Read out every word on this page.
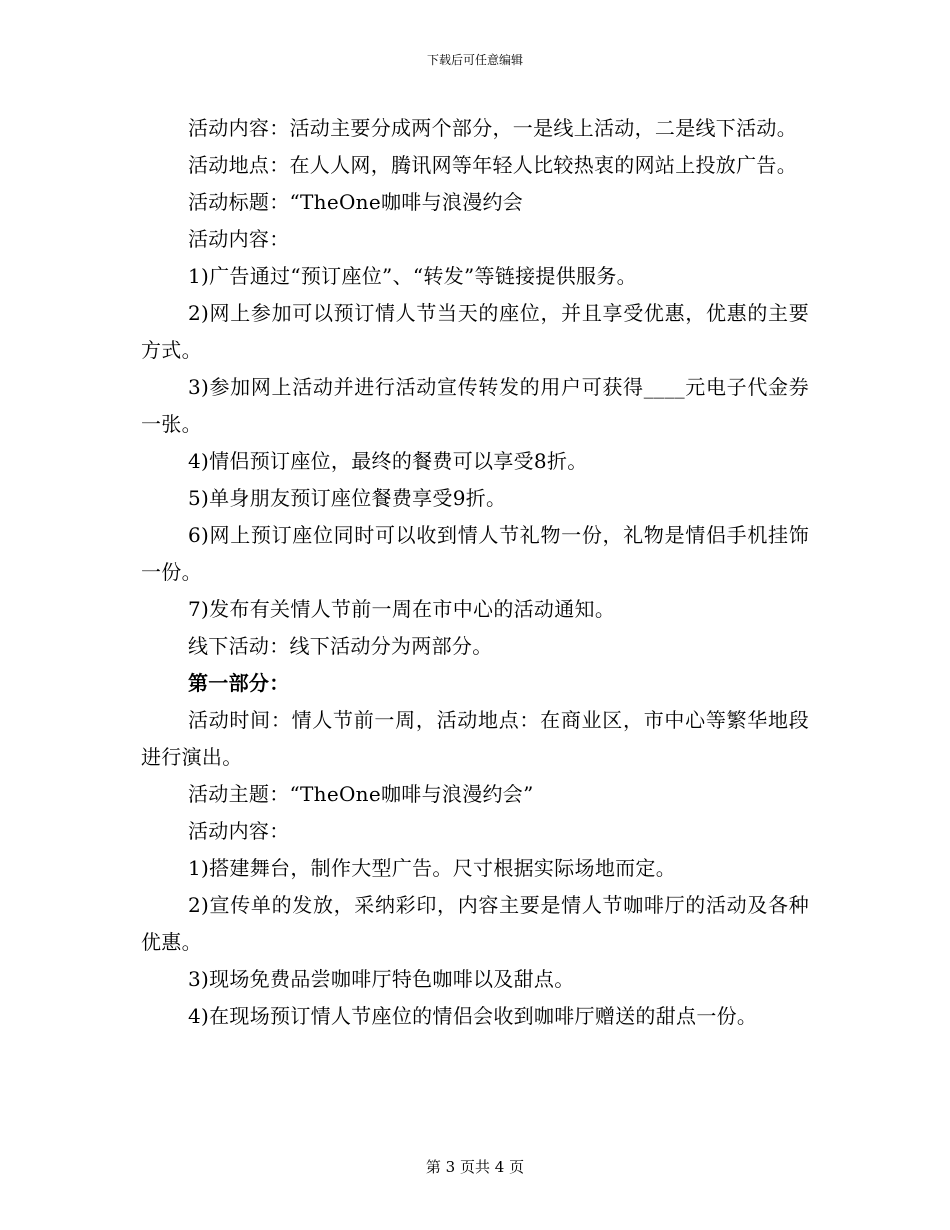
下载后可任意编辑

活动内容：活动主要分成两个部分，一是线上活动，二是线下活动。

活动地点：在人人网，腾讯网等年轻人比较热衷的网站上投放广告。

活动标题：“TheOne咖啡与浪漫约会

活动内容：

1)广告通过“预订座位”、“转发”等链接提供服务。

2)网上参加可以预订情人节当天的座位，并且享受优惠，优惠的主要方式。

3)参加网上活动并进行活动宣传转发的用户可获得____元电子代金券一张。

4)情侣预订座位，最终的餐费可以享受8折。

5)单身朋友预订座位餐费享受9折。

6)网上预订座位同时可以收到情人节礼物一份，礼物是情侣手机挂饰一份。

7)发布有关情人节前一周在市中心的活动通知。

线下活动：线下活动分为两部分。

第一部分：

活动时间：情人节前一周，活动地点：在商业区，市中心等繁华地段进行演出。

活动主题：“TheOne咖啡与浪漫约会”

活动内容：

1)搭建舞台，制作大型广告。尺寸根据实际场地而定。

2)宣传单的发放，采纳彩印，内容主要是情人节咖啡厅的活动及各种优惠。

3)现场免费品尝咖啡厅特色咖啡以及甜点。

4)在现场预订情人节座位的情侣会收到咖啡厅赠送的甜点一份。

第 3 页共 4 页
